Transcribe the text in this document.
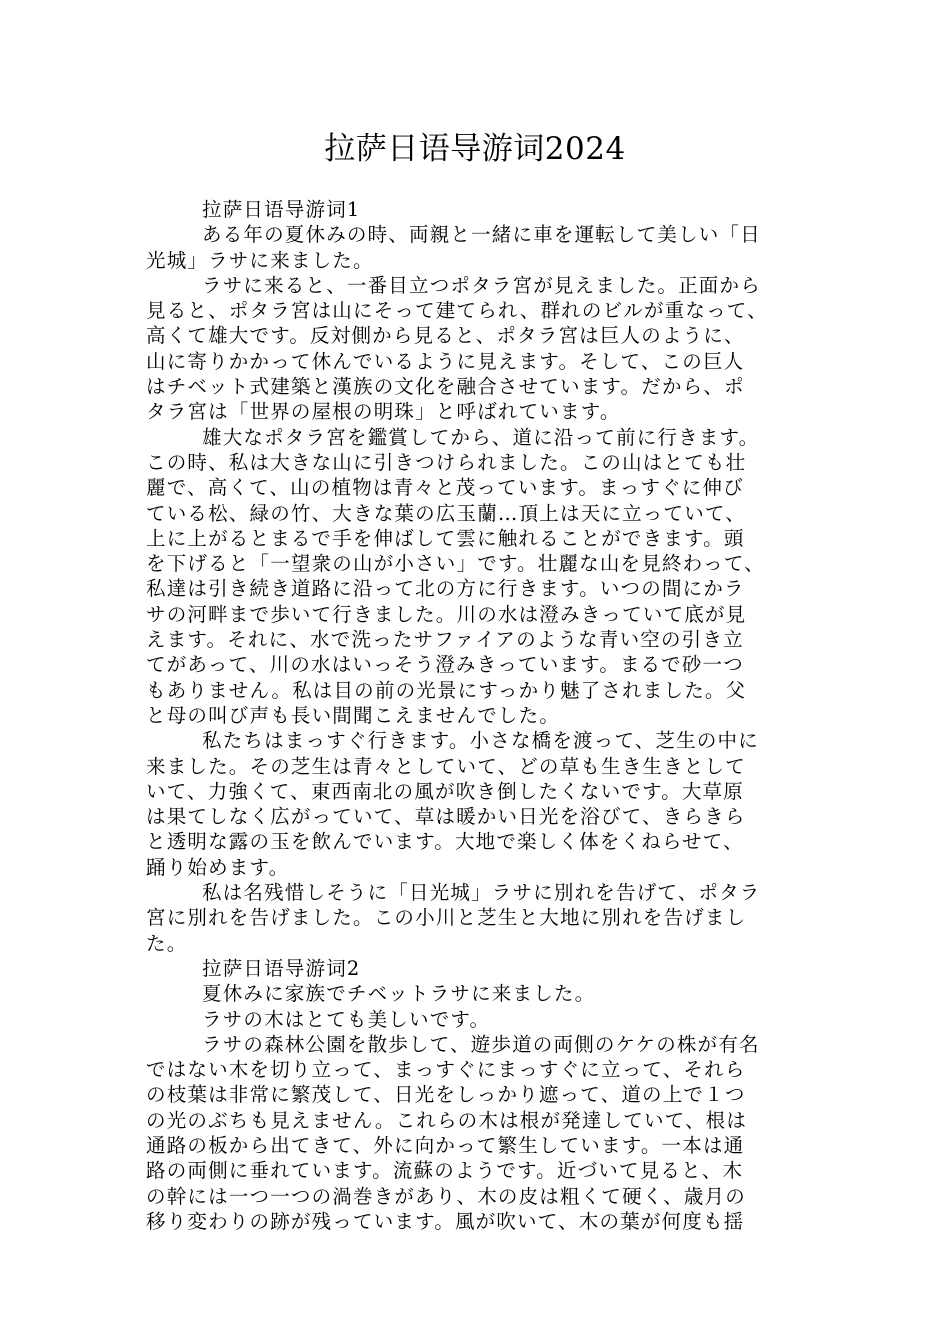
拉萨日语导游词2024
拉萨日语导游词1
ある年の夏休みの時、両親と一緒に車を運転して美しい「日
光城」ラサに来ました。
ラサに来ると、一番目立つポタラ宮が見えました。正面から
見ると、ポタラ宮は山にそって建てられ、群れのビルが重なって、
高くて雄大です。反対側から見ると、ポタラ宮は巨人のように、
山に寄りかかって休んでいるように見えます。そして、この巨人
はチベット式建築と漢族の文化を融合させています。だから、ポ
タラ宮は「世界の屋根の明珠」と呼ばれています。
雄大なポタラ宮を鑑賞してから、道に沿って前に行きます。
この時、私は大きな山に引きつけられました。この山はとても壮
麗で、高くて、山の植物は青々と茂っています。まっすぐに伸び
ている松、緑の竹、大きな葉の広玉蘭…頂上は天に立っていて、
上に上がるとまるで手を伸ばして雲に触れることができます。頭
を下げると「一望衆の山が小さい」です。壮麗な山を見終わって、
私達は引き続き道路に沿って北の方に行きます。いつの間にかラ
サの河畔まで歩いて行きました。川の水は澄みきっていて底が見
えます。それに、水で洗ったサファイアのような青い空の引き立
てがあって、川の水はいっそう澄みきっています。まるで砂一つ
もありません。私は目の前の光景にすっかり魅了されました。父
と母の叫び声も長い間聞こえませんでした。
私たちはまっすぐ行きます。小さな橋を渡って、芝生の中に
来ました。その芝生は青々としていて、どの草も生き生きとして
いて、力強くて、東西南北の風が吹き倒したくないです。大草原
は果てしなく広がっていて、草は暖かい日光を浴びて、きらきら
と透明な露の玉を飲んでいます。大地で楽しく体をくねらせて、
踊り始めます。
私は名残惜しそうに「日光城」ラサに別れを告げて、ポタラ
宮に別れを告げました。この小川と芝生と大地に別れを告げまし
た。
拉萨日语导游词2
夏休みに家族でチベットラサに来ました。
ラサの木はとても美しいです。
ラサの森林公園を散歩して、遊歩道の両側のケケの株が有名
ではない木を切り立って、まっすぐにまっすぐに立って、それら
の枝葉は非常に繁茂して、日光をしっかり遮って、道の上で１つ
の光のぶちも見えません。これらの木は根が発達していて、根は
通路の板から出てきて、外に向かって繁生しています。一本は通
路の両側に垂れています。流蘇のようです。近づいて見ると、木
の幹には一つ一つの渦巻きがあり、木の皮は粗くて硬く、歳月の
移り変わりの跡が残っています。風が吹いて、木の葉が何度も揺
